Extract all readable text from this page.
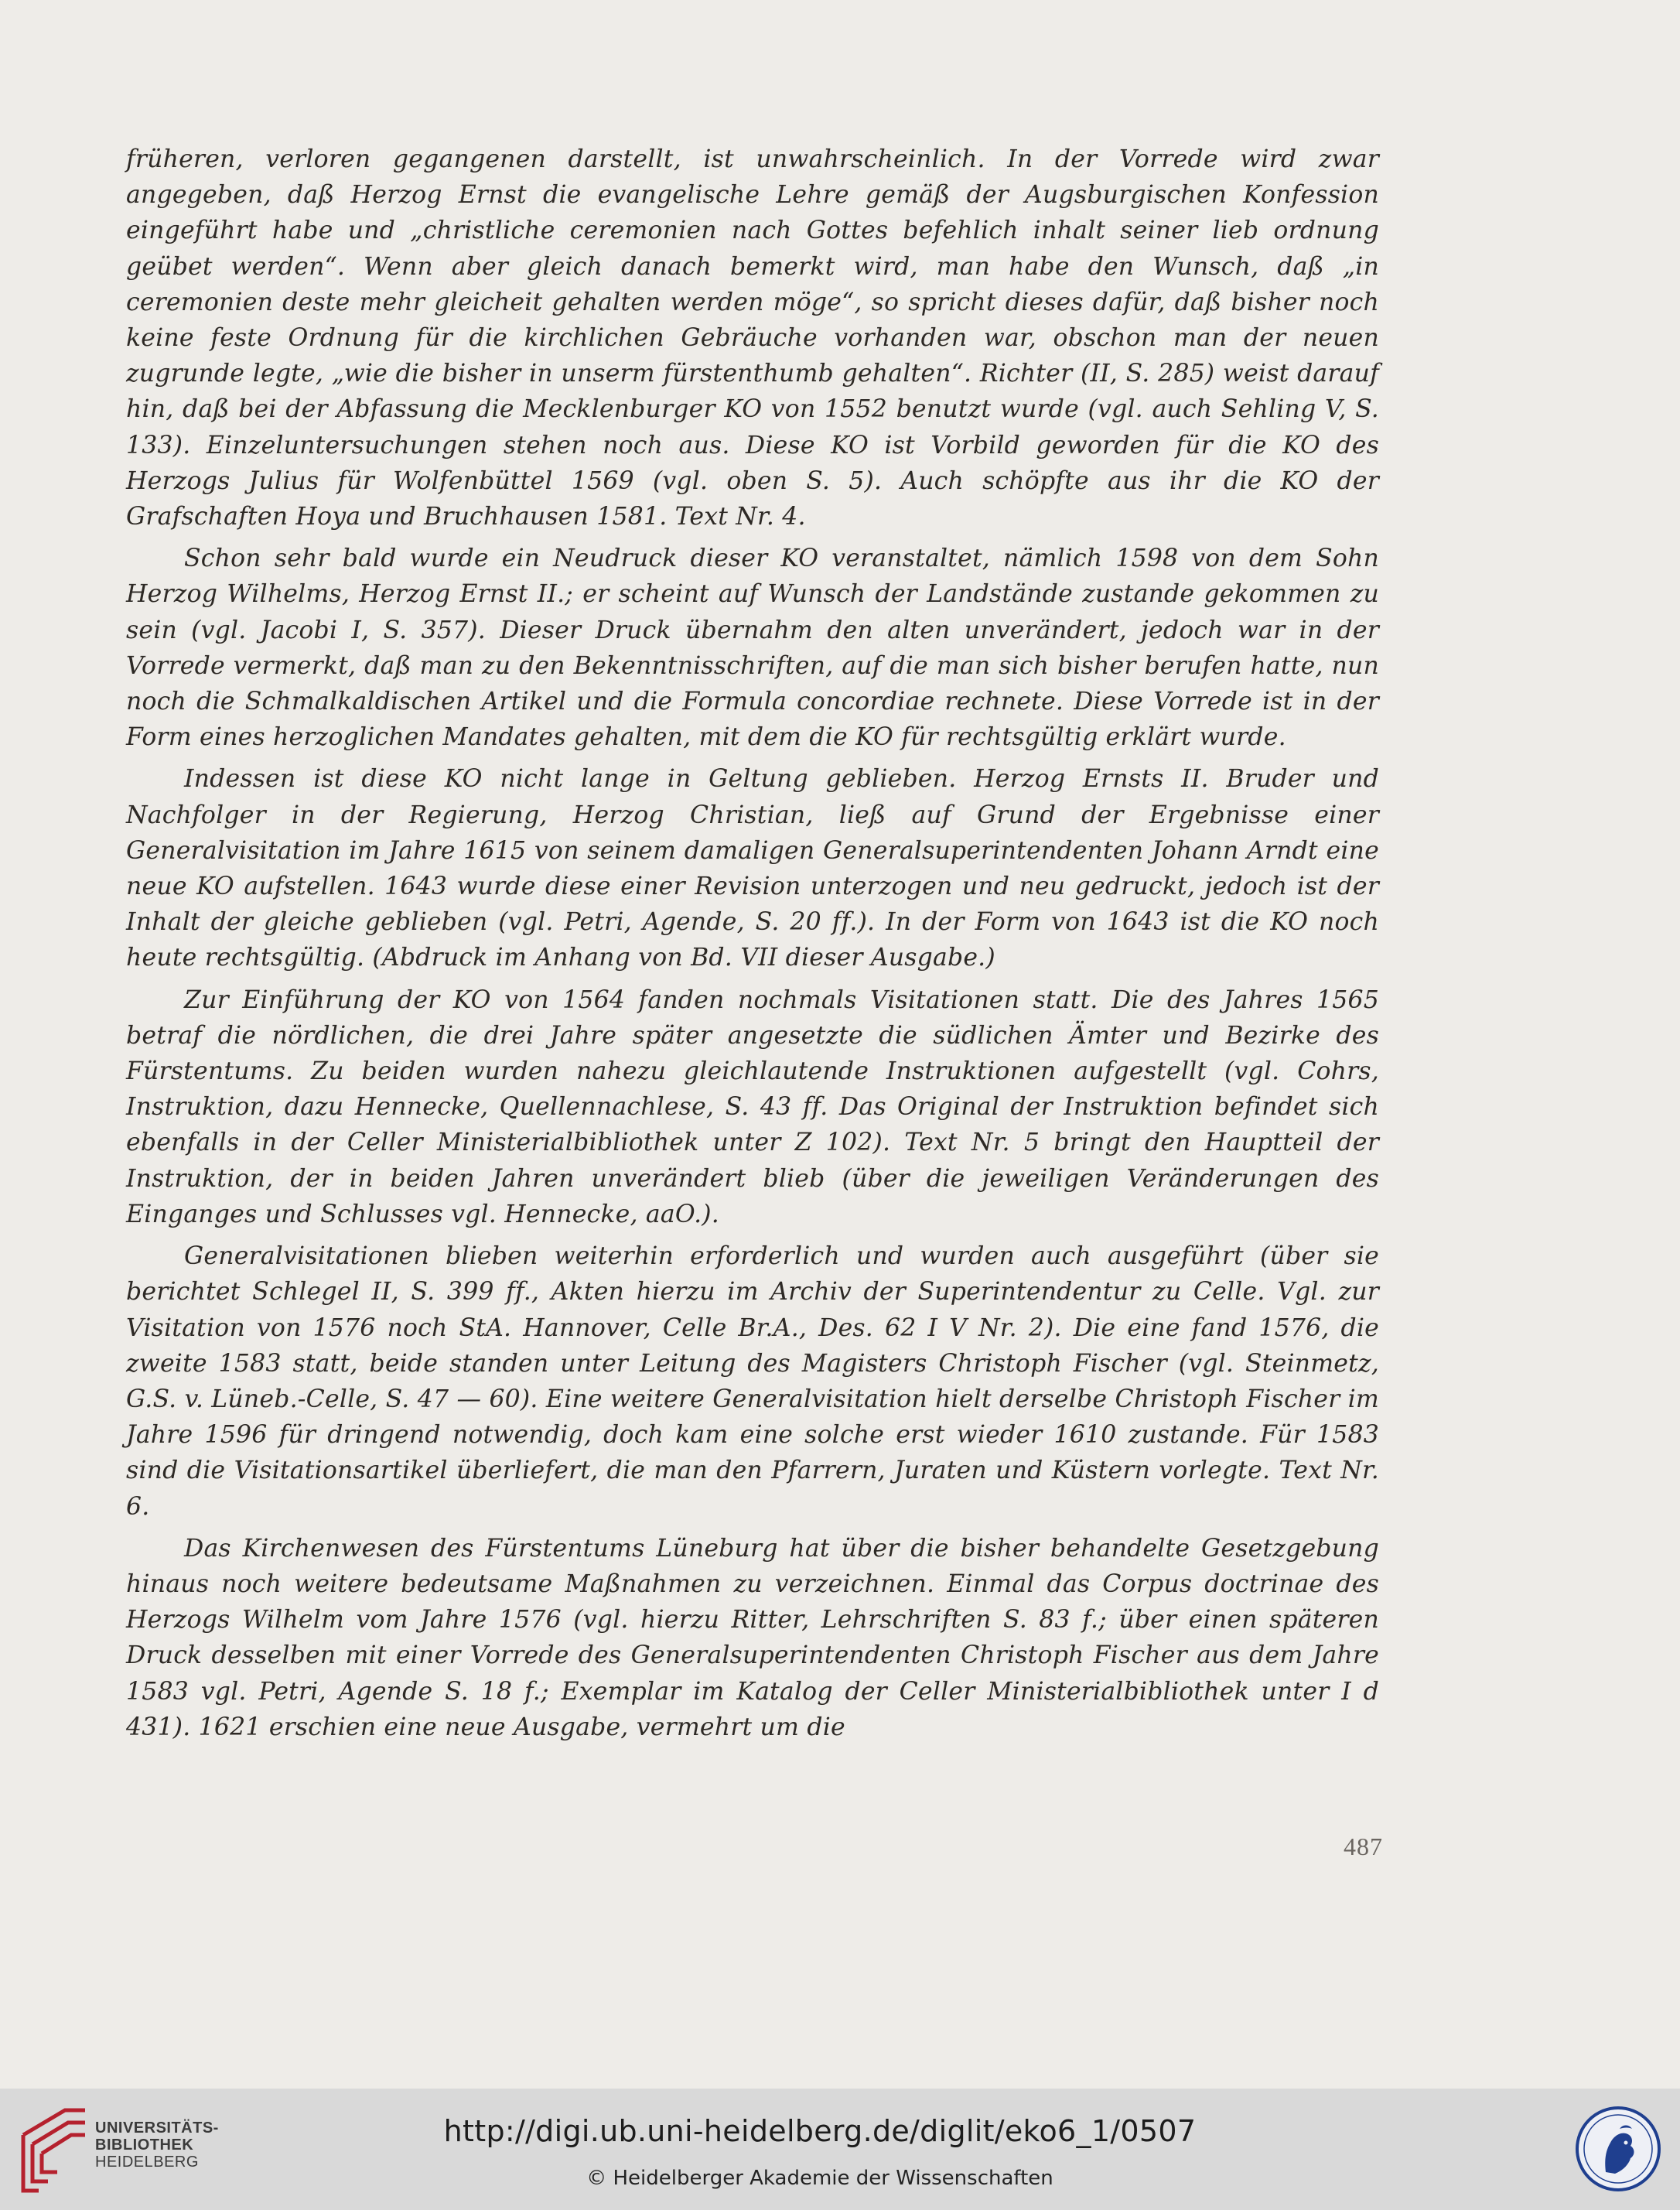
früheren, verloren gegangenen darstellt, ist unwahrscheinlich. In der Vorrede wird zwar angegeben, daß Herzog Ernst die evangelische Lehre gemäß der Augsburgischen Konfession eingeführt habe und „christliche ceremonien nach Gottes befehlich inhalt seiner lieb ordnung geübet werden“. Wenn aber gleich danach bemerkt wird, man habe den Wunsch, daß „in ceremonien deste mehr gleicheit gehalten werden möge“, so spricht dieses dafür, daß bisher noch keine feste Ordnung für die kirchlichen Gebräuche vorhanden war, obschon man der neuen zugrunde legte, „wie die bisher in unserm fürstenthumb gehalten“. Richter (II, S. 285) weist darauf hin, daß bei der Abfassung die Mecklenburger KO von 1552 benutzt wurde (vgl. auch Sehling V, S. 133). Einzeluntersuchungen stehen noch aus. Diese KO ist Vorbild geworden für die KO des Herzogs Julius für Wolfenbüttel 1569 (vgl. oben S. 5). Auch schöpfte aus ihr die KO der Grafschaften Hoya und Bruchhausen 1581. Text Nr. 4.

Schon sehr bald wurde ein Neudruck dieser KO veranstaltet, nämlich 1598 von dem Sohn Herzog Wilhelms, Herzog Ernst II.; er scheint auf Wunsch der Landstände zustande gekommen zu sein (vgl. Jacobi I, S. 357). Dieser Druck übernahm den alten unverändert, jedoch war in der Vorrede vermerkt, daß man zu den Bekenntnisschriften, auf die man sich bisher berufen hatte, nun noch die Schmalkaldischen Artikel und die Formula concordiae rechnete. Diese Vorrede ist in der Form eines herzoglichen Mandates gehalten, mit dem die KO für rechtsgültig erklärt wurde.

Indessen ist diese KO nicht lange in Geltung geblieben. Herzog Ernsts II. Bruder und Nachfolger in der Regierung, Herzog Christian, ließ auf Grund der Ergebnisse einer Generalvisitation im Jahre 1615 von seinem damaligen Generalsuperintendenten Johann Arndt eine neue KO aufstellen. 1643 wurde diese einer Revision unterzogen und neu gedruckt, jedoch ist der Inhalt der gleiche geblieben (vgl. Petri, Agende, S. 20 ff.). In der Form von 1643 ist die KO noch heute rechtsgültig. (Abdruck im Anhang von Bd. VII dieser Ausgabe.)

Zur Einführung der KO von 1564 fanden nochmals Visitationen statt. Die des Jahres 1565 betraf die nördlichen, die drei Jahre später angesetzte die südlichen Ämter und Bezirke des Fürstentums. Zu beiden wurden nahezu gleichlautende Instruktionen aufgestellt (vgl. Cohrs, Instruktion, dazu Hennecke, Quellennachlese, S. 43 ff. Das Original der Instruktion befindet sich ebenfalls in der Celler Ministerialbibliothek unter Z 102). Text Nr. 5 bringt den Hauptteil der Instruktion, der in beiden Jahren unverändert blieb (über die jeweiligen Veränderungen des Einganges und Schlusses vgl. Hennecke, aaO.).

Generalvisitationen blieben weiterhin erforderlich und wurden auch ausgeführt (über sie berichtet Schlegel II, S. 399 ff., Akten hierzu im Archiv der Superintendentur zu Celle. Vgl. zur Visitation von 1576 noch StA. Hannover, Celle Br.A., Des. 62 I V Nr. 2). Die eine fand 1576, die zweite 1583 statt, beide standen unter Leitung des Magisters Christoph Fischer (vgl. Steinmetz, G.S. v. Lüneb.-Celle, S. 47 — 60). Eine weitere Generalvisitation hielt derselbe Christoph Fischer im Jahre 1596 für dringend notwendig, doch kam eine solche erst wieder 1610 zustande. Für 1583 sind die Visitationsartikel überliefert, die man den Pfarrern, Juraten und Küstern vorlegte. Text Nr. 6.

Das Kirchenwesen des Fürstentums Lüneburg hat über die bisher behandelte Gesetzgebung hinaus noch weitere bedeutsame Maßnahmen zu verzeichnen. Einmal das Corpus doctrinae des Herzogs Wilhelm vom Jahre 1576 (vgl. hierzu Ritter, Lehrschriften S. 83 f.; über einen späteren Druck desselben mit einer Vorrede des Generalsuperintendenten Christoph Fischer aus dem Jahre 1583 vgl. Petri, Agende S. 18 f.; Exemplar im Katalog der Celler Ministerialbibliothek unter I d 431). 1621 erschien eine neue Ausgabe, vermehrt um die

487
UNIVERSITÄTS-
BIBLIOTHEK
HEIDELBERG
http://digi.ub.uni-heidelberg.de/diglit/eko6_1/0507
© Heidelberger Akademie der Wissenschaften
